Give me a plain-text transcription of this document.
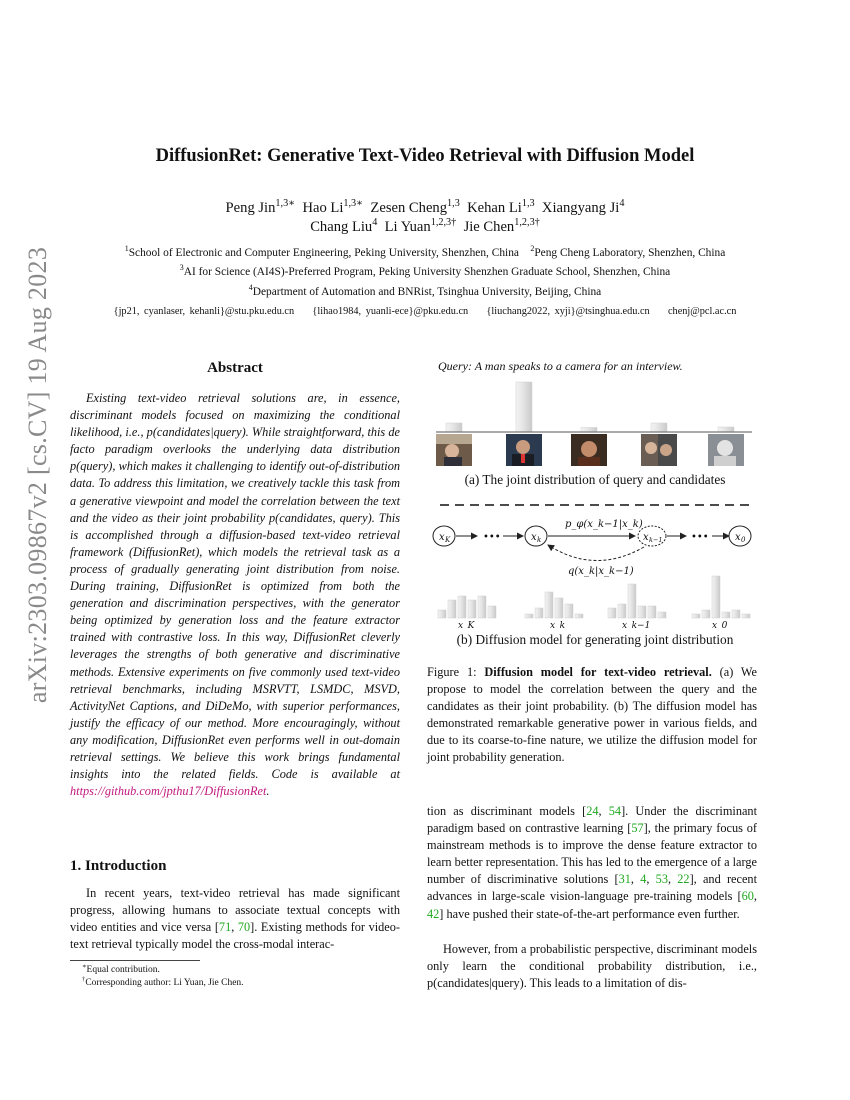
arXiv:2303.09867v2 [cs.CV] 19 Aug 2023
DiffusionRet: Generative Text-Video Retrieval with Diffusion Model
Peng Jin$^{1,3∗}$ Hao $Li^{1,3∗}$ Zesen Cheng$^{1,3}$ Kehan Li$^{1,3}$ Xiangyang Ji$^4$
Chang Liu$^4$ Li Yuan$^{1,2,3\dagger}$ Jie Chen$^{1,2,3\dagger}$
$^1$School of Electronic and Computer Engineering, Peking University, Shenzhen, China $^2$Peng Cheng Laboratory, Shenzhen, China
$^3$AI for Science (AI4S)-Preferred Program, Peking University Shenzhen Graduate School, Shenzhen, China
$^4$Department of Automation and BNRist, Tsinghua University, Beijing, China
{jp21, cyanlaser, kehanli}@stu.pku.edu.cn    {lihao1984, yuanli-ece}@pku.edu.cn    {liuchang2022, xyji}@tsinghua.edu.cn    chenj@pcl.ac.cn
Abstract
Existing text-video retrieval solutions are, in essence, discriminant models focused on maximizing the conditional likelihood, i.e., p(candidates|query). While straightforward, this de facto paradigm overlooks the underlying data distribution p(query), which makes it challenging to identify out-of-distribution data. To address this limitation, we creatively tackle this task from a generative viewpoint and model the correlation between the text and the video as their joint probability p(candidates, query). This is accomplished through a diffusion-based text-video retrieval framework (DiffusionRet), which models the retrieval task as a process of gradually generating joint distribution from noise. During training, DiffusionRet is optimized from both the generation and discrimination perspectives, with the generator being optimized by generation loss and the feature extractor trained with contrastive loss. In this way, DiffusionRet cleverly leverages the strengths of both generative and discriminative methods. Extensive experiments on five commonly used text-video retrieval benchmarks, including MSRVTT, LSMDC, MSVD, ActivityNet Captions, and DiDeMo, with superior performances, justify the efficacy of our method. More encouragingly, without any modification, DiffusionRet even performs well in out-domain retrieval settings. We believe this work brings fundamental insights into the related fields. Code is available at https://github.com/jpthu17/DiffusionRet.
1. Introduction
In recent years, text-video retrieval has made significant progress, allowing humans to associate textual concepts with video entities and vice versa [71, 70]. Existing methods for video-text retrieval typically model the cross-modal interac-
∗Equal contribution.
†Corresponding author: Li Yuan, Jie Chen.
Query: A man speaks to a camera for an interview.
x K	•••	x k	x k−1	•••	x 0
p_φ(x_k−1|x_k)
q(x_k|x_k−1)
x_K	x_k	x_k−1	x_0
(a) The joint distribution of query and candidates
(b) Diffusion model for generating joint distribution
Figure 1: Diffusion model for text-video retrieval. (a) We propose to model the correlation between the query and the candidates as their joint probability. (b) The diffusion model has demonstrated remarkable generative power in various fields, and due to its coarse-to-fine nature, we utilize the diffusion model for joint probability generation.
tion as discriminant models [24, 54]. Under the discriminant paradigm based on contrastive learning [57], the primary focus of mainstream methods is to improve the dense feature extractor to learn better representation. This has led to the emergence of a large number of discriminative solutions [31, 4, 53, 22], and recent advances in large-scale vision-language pre-training models [60, 42] have pushed their state-of-the-art performance even further.
However, from a probabilistic perspective, discriminant models only learn the conditional probability distribution, i.e., p(candidates|query). This leads to a limitation of dis-
